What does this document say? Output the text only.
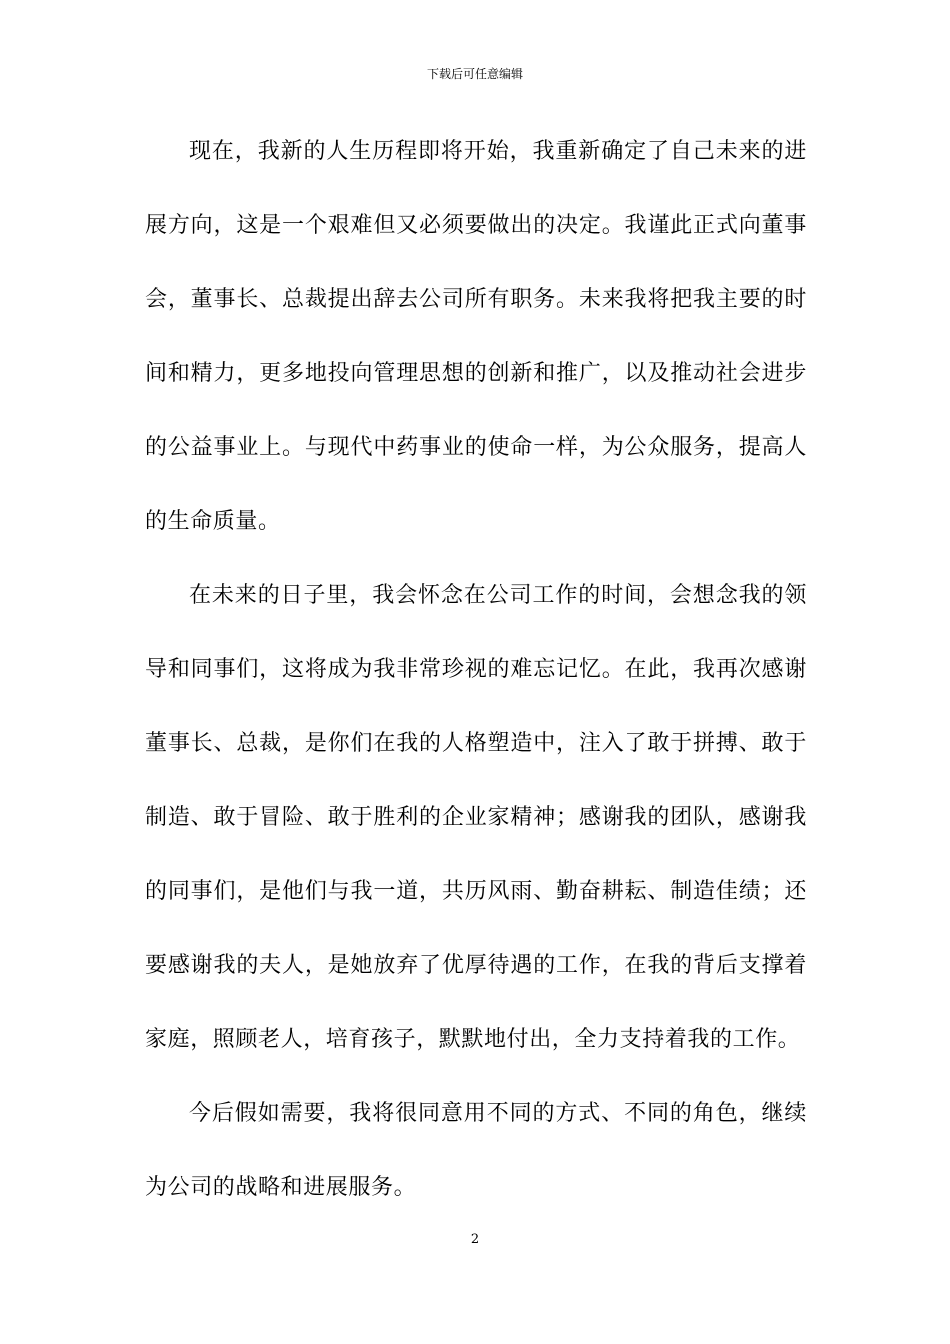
下载后可任意编辑

现在，我新的人生历程即将开始，我重新确定了自己未来的进展方向，这是一个艰难但又必须要做出的决定。我谨此正式向董事会，董事长、总裁提出辞去公司所有职务。未来我将把我主要的时间和精力，更多地投向管理思想的创新和推广，以及推动社会进步的公益事业上。与现代中药事业的使命一样，为公众服务，提高人的生命质量。

在未来的日子里，我会怀念在公司工作的时间，会想念我的领导和同事们，这将成为我非常珍视的难忘记忆。在此，我再次感谢董事长、总裁，是你们在我的人格塑造中，注入了敢于拼搏、敢于制造、敢于冒险、敢于胜利的企业家精神；感谢我的团队，感谢我的同事们，是他们与我一道，共历风雨、勤奋耕耘、制造佳绩；还要感谢我的夫人，是她放弃了优厚待遇的工作，在我的背后支撑着家庭，照顾老人，培育孩子，默默地付出，全力支持着我的工作。

今后假如需要，我将很同意用不同的方式、不同的角色，继续为公司的战略和进展服务。

2
